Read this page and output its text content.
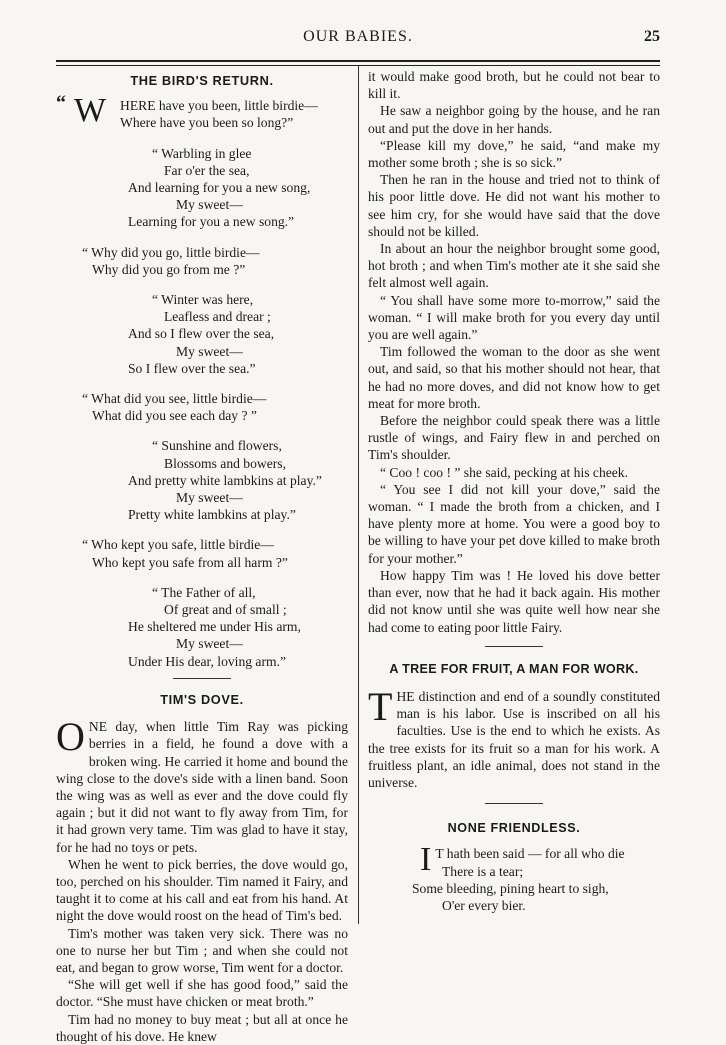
OUR BABIES.	25
THE BIRD'S RETURN.
W
“	HERE have you been, little birdie—
Where have you been so long?”
“ Warbling in glee
Far o'er the sea,
And learning for you a new song,
My sweet—
Learning for you a new song.”
“ Why did you go, little birdie—
Why did you go from me ?”
“ Winter was here,
Leafless and drear ;
And so I flew over the sea,
My sweet—
So I flew over the sea.”
“ What did you see, little birdie—
What did you see each day ? ”
“ Sunshine and flowers,
Blossoms and bowers,
And pretty white lambkins at play.”
My sweet—
Pretty white lambkins at play.”
“ Who kept you safe, little birdie—
Who kept you safe from all harm ?”
“ The Father of all,
Of great and of small ;
He sheltered me under His arm,
My sweet—
Under His dear, loving arm.”
TIM'S DOVE.

ONE day, when little Tim Ray was picking berries in a field, he found a dove with a broken wing. He carried it home and bound the wing close to the dove's side with a linen band. Soon the wing was as well as ever and the dove could fly again ; but it did not want to fly away from Tim, for it had grown very tame. Tim was glad to have it stay, for he had no toys or pets.

When he went to pick berries, the dove would go, too, perched on his shoulder. Tim named it Fairy, and taught it to come at his call and eat from his hand. At night the dove would roost on the head of Tim's bed.

Tim's mother was taken very sick. There was no one to nurse her but Tim ; and when she could not eat, and began to grow worse, Tim went for a doctor.

“She will get well if she has good food,” said the doctor. “She must have chicken or meat broth.”

Tim had no money to buy meat ; but all at once he thought of his dove. He knew

it would make good broth, but he could not bear to kill it.

He saw a neighbor going by the house, and he ran out and put the dove in her hands.

“Please kill my dove,” he said, “and make my mother some broth ; she is so sick.”

Then he ran in the house and tried not to think of his poor little dove. He did not want his mother to see him cry, for she would have said that the dove should not be killed.

In about an hour the neighbor brought some good, hot broth ; and when Tim's mother ate it she said she felt almost well again.

“ You shall have some more to-morrow,” said the woman. “ I will make broth for you every day until you are well again.”

Tim followed the woman to the door as she went out, and said, so that his mother should not hear, that he had no more doves, and did not know how to get meat for more broth.

Before the neighbor could speak there was a little rustle of wings, and Fairy flew in and perched on Tim's shoulder.

“ Coo ! coo ! ” she said, pecking at his cheek.

“ You see I did not kill your dove,” said the woman. “ I made the broth from a chicken, and I have plenty more at home. You were a good boy to be willing to have your pet dove killed to make broth for your mother.”

How happy Tim was ! He loved his dove better than ever, now that he had it back again. His mother did not know until she was quite well how near she had come to eating poor little Fairy.

A TREE FOR FRUIT, A MAN FOR WORK.

THE distinction and end of a soundly constituted man is his labor. Use is inscribed on all his faculties. Use is the end to which he exists. As the tree exists for its fruit so a man for his work. A fruitless plant, an idle animal, does not stand in the universe.

NONE FRIENDLESS.
I T hath been said — for all who die
There is a tear;
Some bleeding, pining heart to sigh,
O'er every bier.
